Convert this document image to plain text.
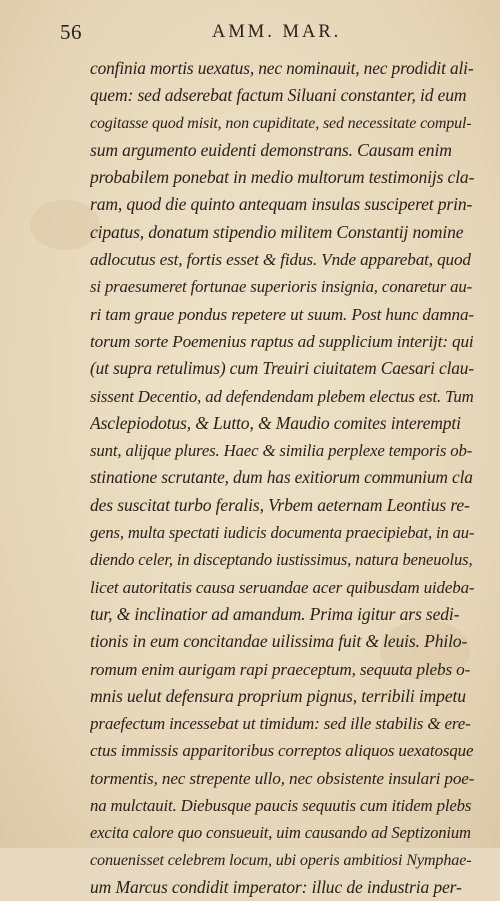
56	AMM. MAR.
confinia mortis uexatus, nec nominauit, nec prodidit ali-
quem: sed adserebat factum Siluani constanter, id eum
cogitasse quod misit, non cupiditate, sed necessitate compul-
sum argumento euidenti demonstrans. Causam enim
probabilem ponebat in medio multorum testimonijs cla-
ram, quod die quinto antequam insulas susciperet prin-
cipatus, donatum stipendio militem Constantij nomine
adlocutus est, fortis esset & fidus. Vnde apparebat, quod
si praesumeret fortunae superioris insignia, conaretur au-
ri tam graue pondus repetere ut suum. Post hunc damna-
torum sorte Poemenius raptus ad supplicium interijt: qui
(ut supra retulimus) cum Treuiri ciuitatem Caesari clau-
sissent Decentio, ad defendendam plebem electus est. Tum
Asclepiodotus, & Lutto, & Maudio comites interempti
sunt, alijque plures. Haec & similia perplexe temporis ob-
stinatione scrutante, dum has exitiorum communium cla
des suscitat turbo feralis, Vrbem aeternam Leontius re-
gens, multa spectati iudicis documenta praecipiebat, in au-
diendo celer, in disceptando iustissimus, natura beneuolus,
licet autoritatis causa seruandae acer quibusdam uideba-
tur, & inclinatior ad amandum. Prima igitur ars sedi-
tionis in eum concitandae uilissima fuit & leuis. Philo-
romum enim aurigam rapi praeceptum, sequuta plebs o-
mnis uelut defensura proprium pignus, terribili impetu
praefectum incessebat ut timidum: sed ille stabilis & ere-
ctus immissis apparitoribus correptos aliquos uexatosque
tormentis, nec strepente ullo, nec obsistente insulari poe-
na mulctauit. Diebusque paucis sequutis cum itidem plebs
excita calore quo consueuit, uim causando ad Septizonium
conuenisset celebrem locum, ubi operis ambitiosi Nymphae-
um Marcus condidit imperator: illuc de industria per-
